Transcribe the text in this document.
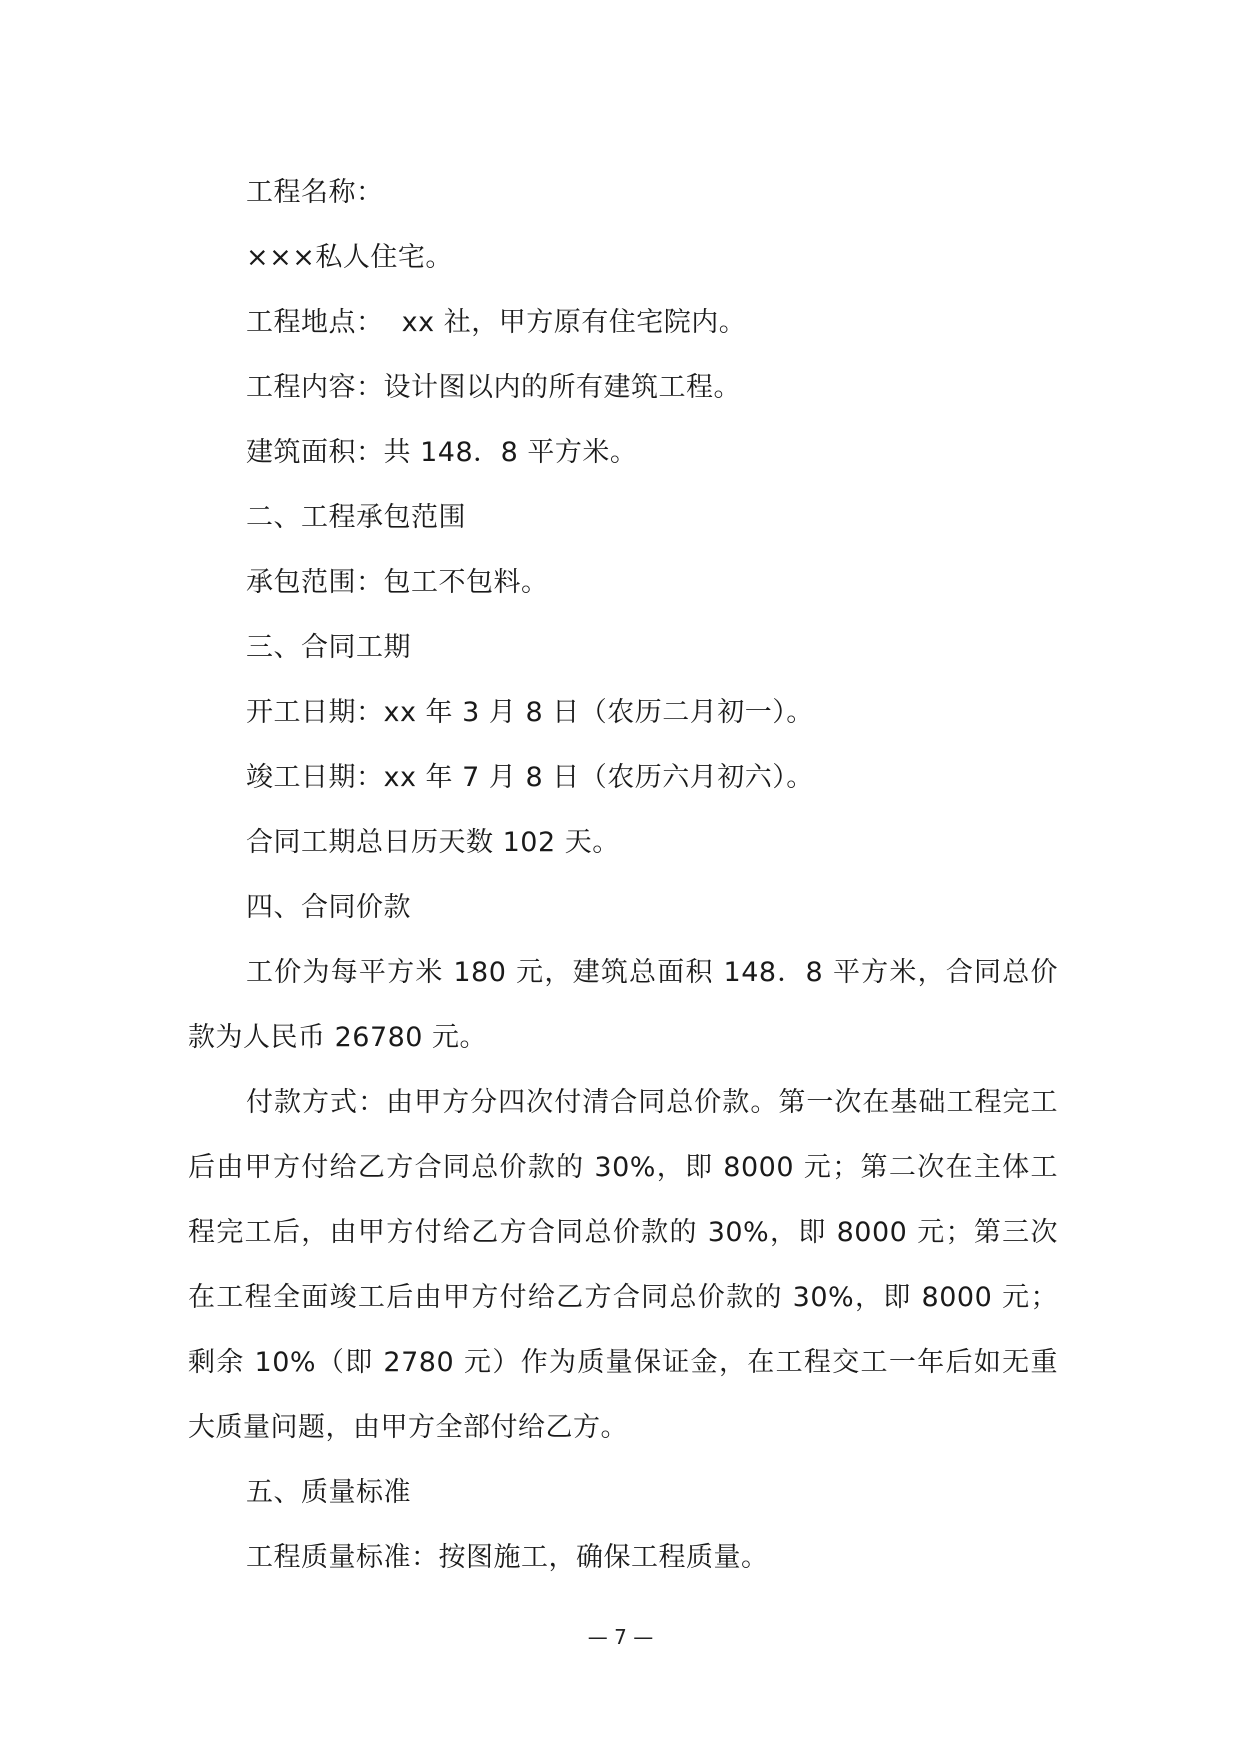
工程名称：

×××私人住宅。

工程地点：  xx 社，甲方原有住宅院内。

工程内容：设计图以内的所有建筑工程。

建筑面积：共 148．8 平方米。

二、工程承包范围

承包范围：包工不包料。

三、合同工期

开工日期：xx 年 3 月 8 日（农历二月初一）。

竣工日期：xx 年 7 月 8 日（农历六月初六）。

合同工期总日历天数 102 天。

四、合同价款

工价为每平方米 180 元，建筑总面积 148．8 平方米，合同总价款为人民币 26780 元。

付款方式：由甲方分四次付清合同总价款。第一次在基础工程完工后由甲方付给乙方合同总价款的 30%，即 8000 元；第二次在主体工程完工后，由甲方付给乙方合同总价款的 30%，即 8000 元；第三次在工程全面竣工后由甲方付给乙方合同总价款的 30%，即 8000 元；剩余 10%（即 2780 元）作为质量保证金，在工程交工一年后如无重大质量问题，由甲方全部付给乙方。

五、质量标准

工程质量标准：按图施工，确保工程质量。

— 7 —
